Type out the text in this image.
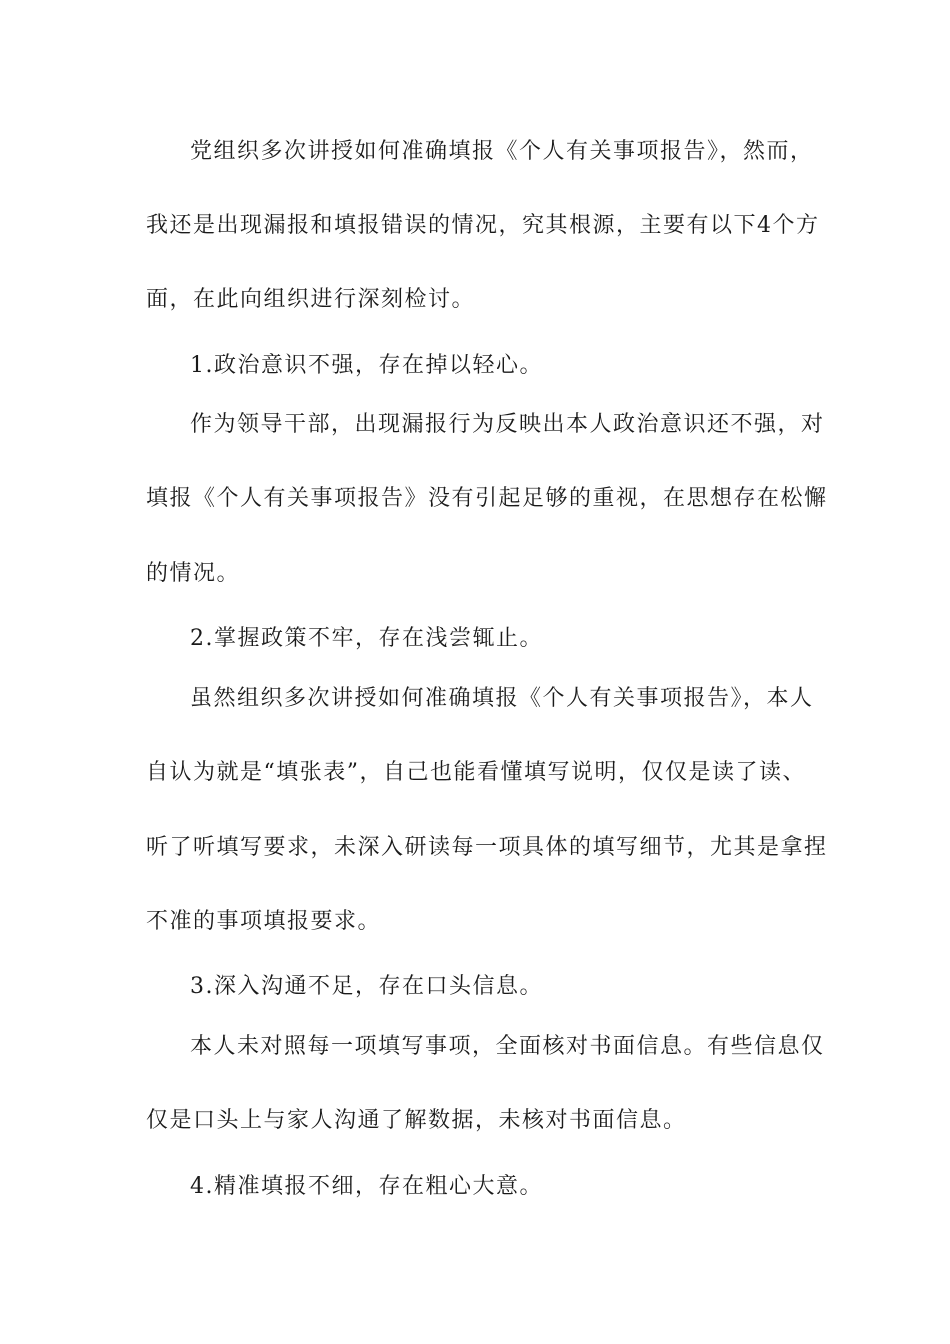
党组织多次讲授如何准确填报《个人有关事项报告》，然而，
我还是出现漏报和填报错误的情况，究其根源，主要有以下4个方
面，在此向组织进行深刻检讨。
1.政治意识不强，存在掉以轻心。
作为领导干部，出现漏报行为反映出本人政治意识还不强，对
填报《个人有关事项报告》没有引起足够的重视，在思想存在松懈
的情况。
2.掌握政策不牢，存在浅尝辄止。
虽然组织多次讲授如何准确填报《个人有关事项报告》，本人
自认为就是“填张表”，自己也能看懂填写说明，仅仅是读了读、
听了听填写要求，未深入研读每一项具体的填写细节，尤其是拿捏
不准的事项填报要求。
3.深入沟通不足，存在口头信息。
本人未对照每一项填写事项，全面核对书面信息。有些信息仅
仅是口头上与家人沟通了解数据，未核对书面信息。
4.精准填报不细，存在粗心大意。
